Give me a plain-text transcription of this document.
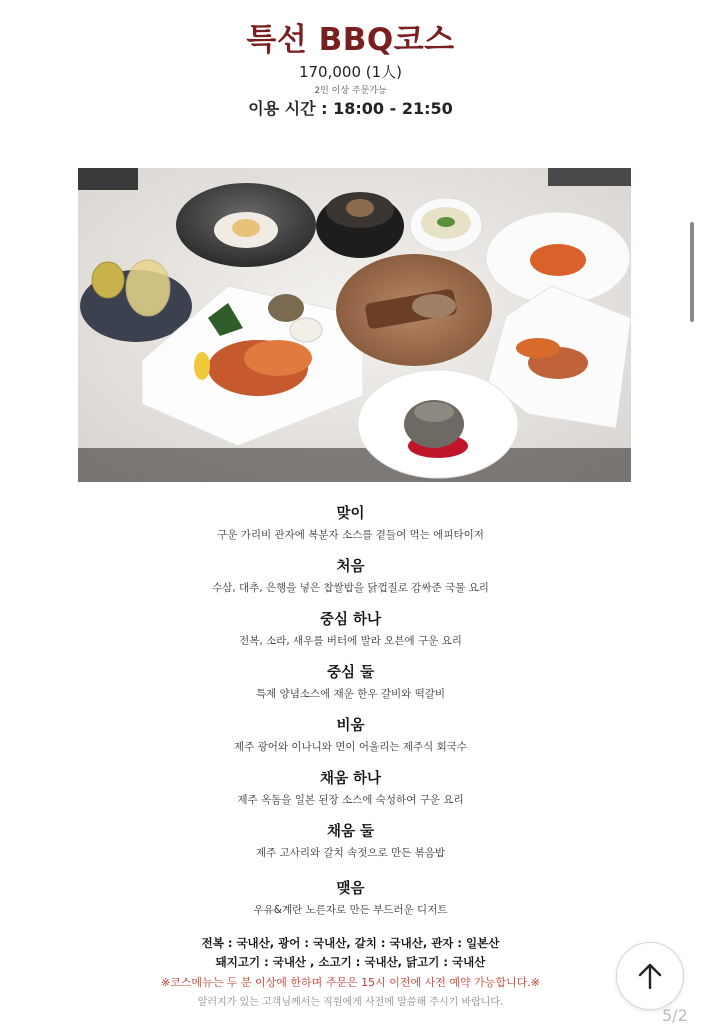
특선 BBQ코스
170,000 (1人)
2인 이상 주문가능
이용 시간 : 18:00 - 21:50
맞이
구운 가리비 관자에 복분자 소스를 곁들여 먹는 에피타이저
처음
수삼, 대추, 은행을 넣은 찹쌀밥을 닭껍질로 감싸준 국물 요리
중심 하나
전복, 소라, 새우를 버터에 발라 오븐에 구운 요리
중심 둘
특제 양념소스에 재운 한우 갈비와 떡갈비
비움
제주 광어와 이나니와 면이 어울리는 제주식 회국수
채움 하나
제주 옥돔을 일본 된장 소스에 숙성하여 구운 요리
채움 둘
제주 고사리와 갈치 속젓으로 만든 볶음밥
맺음
우유&계란 노른자로 만든 부드러운 디저트
전복 : 국내산, 광어 : 국내산, 갈치 : 국내산, 관자 : 일본산
돼지고기 : 국내산 , 소고기 : 국내산, 닭고기 : 국내산
※코스메뉴는 두 분 이상에 한하며 주문은 15시 이전에 사전 예약 가능합니다.※
알러지가 있는 고객님께서는 직원에게 사전에 말씀해 주시기 바랍니다.
5/2
